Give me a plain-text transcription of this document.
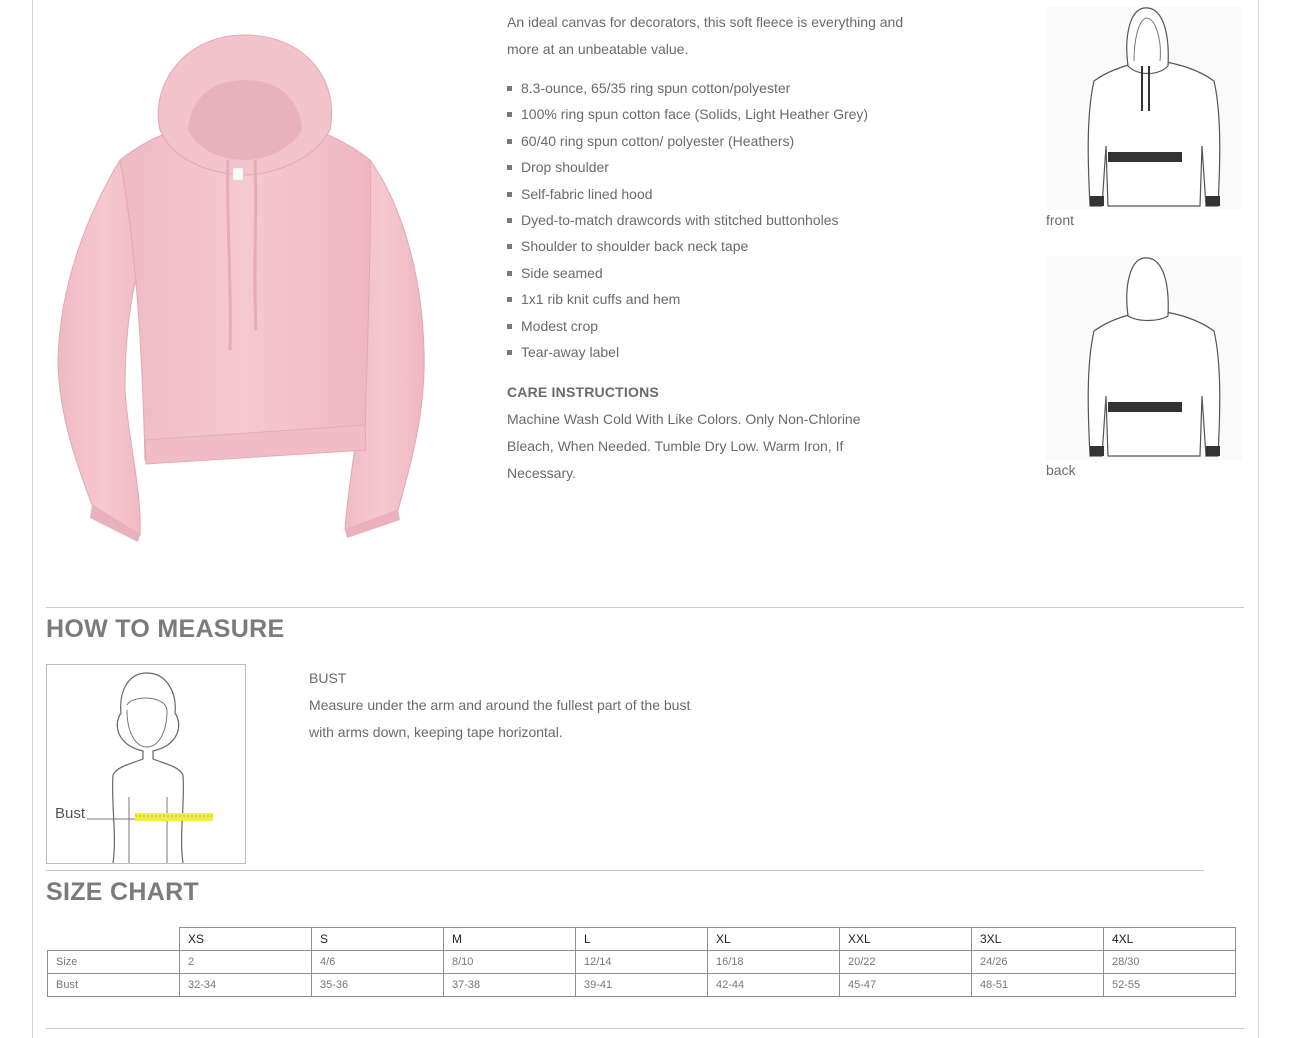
An ideal canvas for decorators, this soft fleece is everything and more at an unbeatable value.

8.3-ounce, 65/35 ring spun cotton/polyester
100% ring spun cotton face (Solids, Light Heather Grey)
60/40 ring spun cotton/ polyester (Heathers)
Drop shoulder
Self-fabric lined hood
Dyed-to-match drawcords with stitched buttonholes
Shoulder to shoulder back neck tape
Side seamed
1x1 rib knit cuffs and hem
Modest crop
Tear-away label
CARE INSTRUCTIONS
Machine Wash Cold With Like Colors. Only Non-Chlorine Bleach, When Needed. Tumble Dry Low. Warm Iron, If Necessary.
front
back
HOW TO MEASURE
Bust
BUST
Measure under the arm and around the fullest part of the bust with arms down, keeping tape horizontal.
SIZE CHART
	XS	S	M	L	XL	XXL	3XL	4XL
Size	2	4/6	8/10	12/14	16/18	20/22	24/26	28/30
Bust	32-34	35-36	37-38	39-41	42-44	45-47	48-51	52-55
